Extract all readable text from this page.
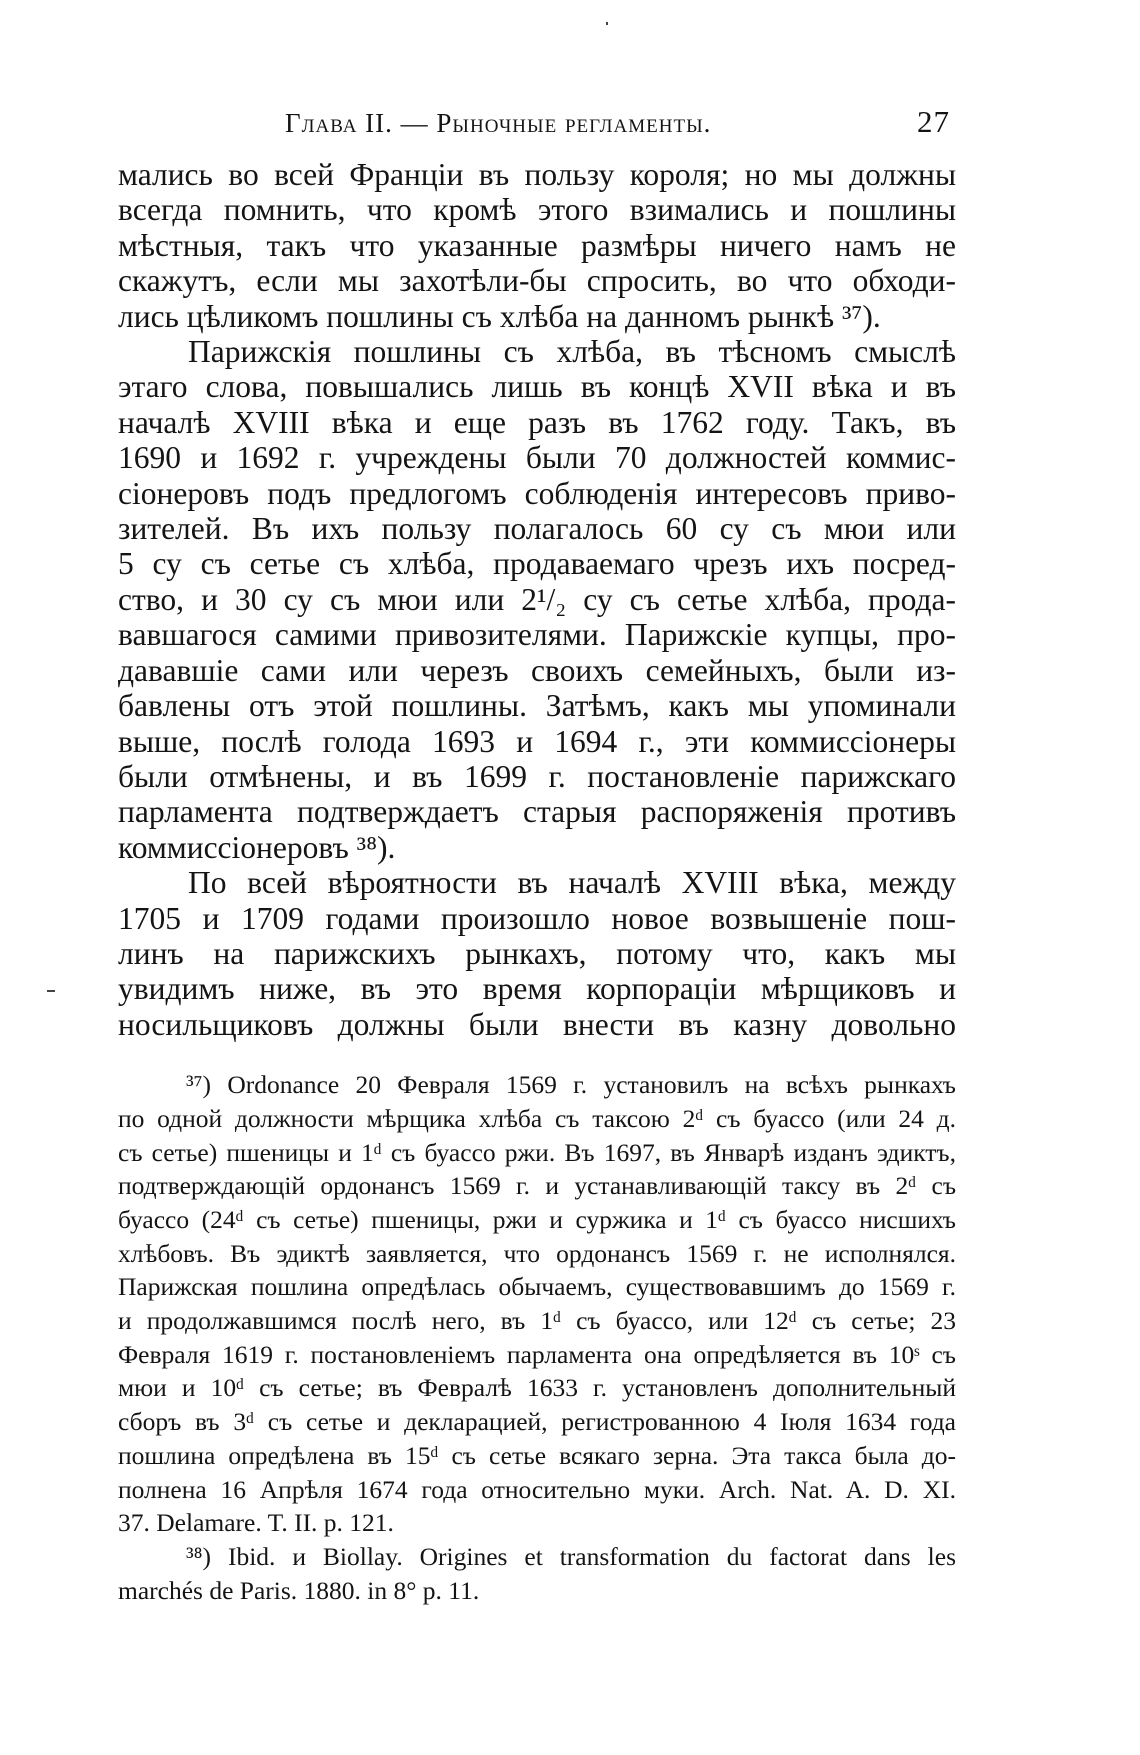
Глава II. — Рыночные регламенты.	27

мались во всей Франціи въ пользу короля; но мы должны
всегда помнить, что кромѣ этого взимались и пошлины
мѣстныя, такъ что указанные размѣры ничего намъ не
скажутъ, если мы захотѣли-бы спросить, во что обходи-
лись цѣликомъ пошлины съ хлѣба на данномъ рынкѣ ³⁷).

Парижскія пошлины съ хлѣба, въ тѣсномъ смыслѣ
этаго слова, повышались лишь въ концѣ XVII вѣка и въ
началѣ XVIII вѣка и еще разъ въ 1762 году. Такъ, въ
1690 и 1692 г. учреждены были 70 должностей коммис-
сіонеровъ подъ предлогомъ соблюденія интересовъ приво-
зителей. Въ ихъ пользу полагалось 60 су съ мюи или
5 су съ сетье съ хлѣба, продаваемаго чрезъ ихъ посред-
ство, и 30 су съ мюи или 2¹/₂ су съ сетье хлѣба, прода-
вавшагося самими привозителями. Парижскіе купцы, про-
дававшіе сами или черезъ своихъ семейныхъ, были из-
бавлены отъ этой пошлины. Затѣмъ, какъ мы упоминали
выше, послѣ голода 1693 и 1694 г., эти коммиссіонеры
были отмѣнены, и въ 1699 г. постановленіе парижскаго
парламента подтверждаетъ старыя распоряженія противъ
коммиссіонеровъ ³⁸).

По всей вѣроятности въ началѣ XVIII вѣка, между
1705 и 1709 годами произошло новое возвышеніе пош-
линъ на парижскихъ рынкахъ, потому что, какъ мы
увидимъ ниже, въ это время корпораціи мѣрщиковъ и
носильщиковъ должны были внести въ казну довольно

³⁷) Ordonance 20 Февраля 1569 г. установилъ на всѣхъ рынкахъ
по одной должности мѣрщика хлѣба съ таксою 2ᵈ съ буассо (или 24 д.
съ сетье) пшеницы и 1ᵈ съ буассо ржи. Въ 1697, въ Январѣ изданъ эдиктъ,
подтверждающій ордонансъ 1569 г. и устанавливающій таксу въ 2ᵈ съ
буассо (24ᵈ съ сетье) пшеницы, ржи и суржика и 1ᵈ съ буассо нисшихъ
хлѣбовъ. Въ эдиктѣ заявляется, что ордонансъ 1569 г. не исполнялся.
Парижская пошлина опредѣлась обычаемъ, существовавшимъ до 1569 г.
и продолжавшимся послѣ него, въ 1ᵈ съ буассо, или 12ᵈ съ сетье; 23
Февраля 1619 г. постановленіемъ парламента она опредѣляется въ 10ˢ съ
мюи и 10ᵈ съ сетье; въ Февралѣ 1633 г. установленъ дополнительный
сборъ въ 3ᵈ съ сетье и декларацией, регистрованною 4 Іюля 1634 года
пошлина опредѣлена въ 15ᵈ съ сетье всякаго зерна. Эта такса была до-
полнена 16 Апрѣля 1674 года относительно муки. Arch. Nat. A. D. XI.
37. Delamare. T. II. p. 121.
³⁸) Ibid. и Biollay. Origines et transformation du factorat dans les
marchés de Paris. 1880. in 8° p. 11.
